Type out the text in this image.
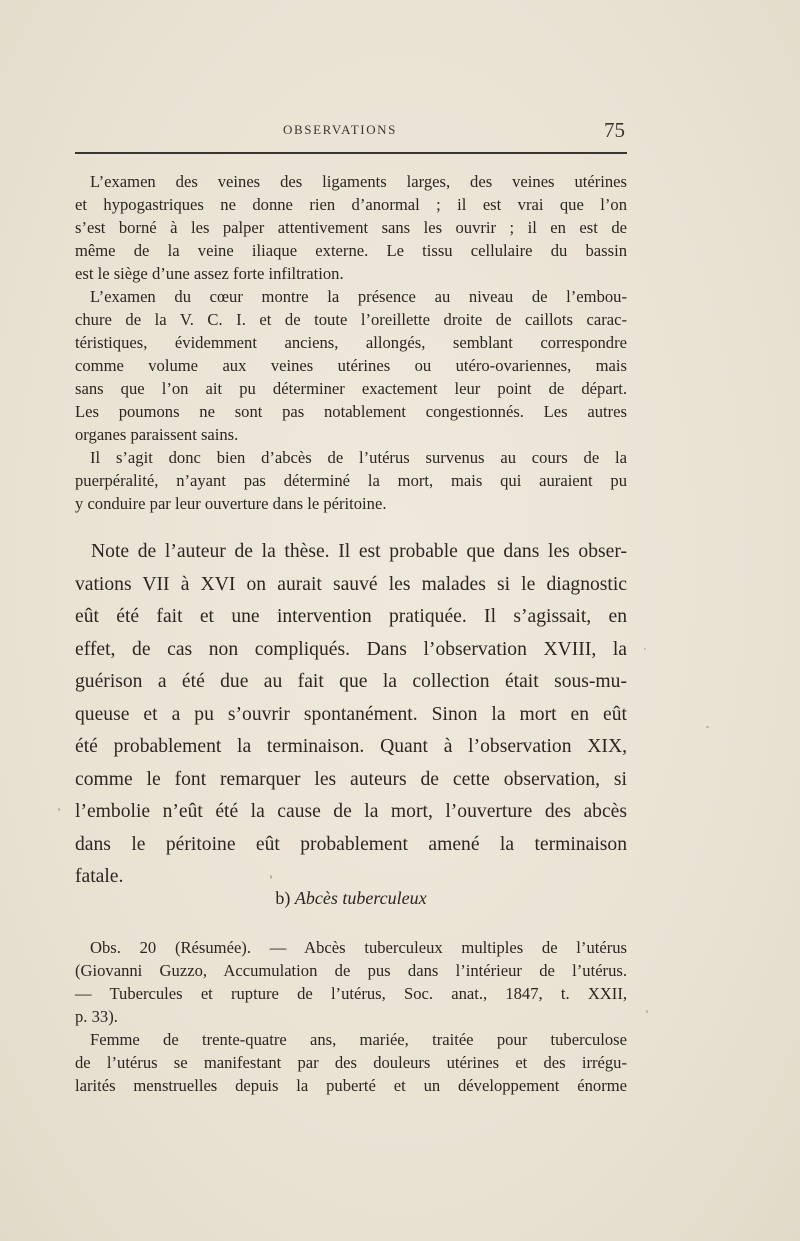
OBSERVATIONS	75
L’examen des veines des ligaments larges, des veines utérines
et hypogastriques ne donne rien d’anormal ; il est vrai que l’on
s’est borné à les palper attentivement sans les ouvrir ; il en est de
même de la veine iliaque externe. Le tissu cellulaire du bassin
est le siège d’une assez forte infiltration.
L’examen du cœur montre la présence au niveau de l’embou-
chure de la V. C. I. et de toute l’oreillette droite de caillots carac-
téristiques, évidemment anciens, allongés, semblant correspondre
comme volume aux veines utérines ou utéro-ovariennes, mais
sans que l’on ait pu déterminer exactement leur point de départ.
Les poumons ne sont pas notablement congestionnés. Les autres
organes paraissent sains.
Il s’agit donc bien d’abcès de l’utérus survenus au cours de la
puerpéralité, n’ayant pas déterminé la mort, mais qui auraient pu
y conduire par leur ouverture dans le péritoine.
Note de l’auteur de la thèse. Il est probable que dans les obser-
vations VII à XVI on aurait sauvé les malades si le diagnostic
eût été fait et une intervention pratiquée. Il s’agissait, en
effet, de cas non compliqués. Dans l’observation XVIII, la
guérison a été due au fait que la collection était sous-mu-
queuse et a pu s’ouvrir spontanément. Sinon la mort en eût
été probablement la terminaison. Quant à l’observation XIX,
comme le font remarquer les auteurs de cette observation, si
l’embolie n’eût été la cause de la mort, l’ouverture des abcès
dans le péritoine eût probablement amené la terminaison
fatale.
b) Abcès tuberculeux
Obs. 20 (Résumée). — Abcès tuberculeux multiples de l’utérus
(Giovanni Guzzo, Accumulation de pus dans l’intérieur de l’utérus.
— Tubercules et rupture de l’utérus, Soc. anat., 1847, t. XXII,
p. 33).
Femme de trente-quatre ans, mariée, traitée pour tuberculose
de l’utérus se manifestant par des douleurs utérines et des irrégu-
larités menstruelles depuis la puberté et un développement énorme
